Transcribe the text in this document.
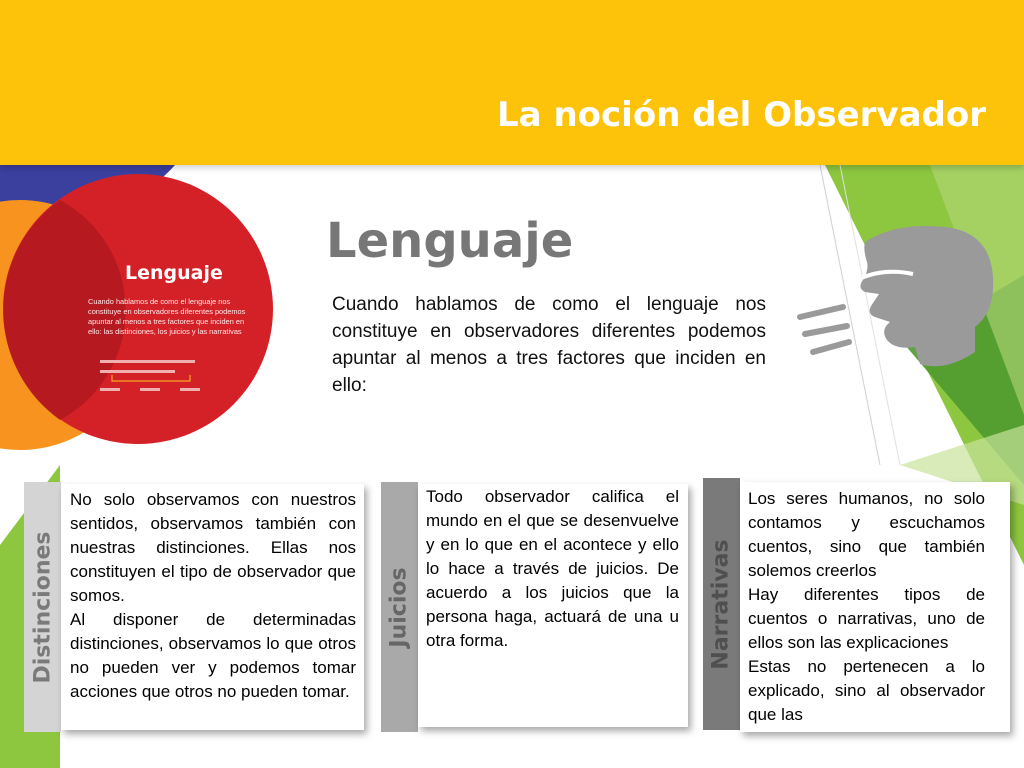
La noción del Observador
Lenguaje
Cuando hablamos de como el lenguaje nos constituye en observadores diferentes podemos apuntar al menos a tres factores que inciden en ello: las distinciones, los juicios y las narrativas
Lenguaje
Cuando hablamos de como el lenguaje nos constituye en observadores diferentes podemos apuntar al menos a tres factores que inciden en ello:
Distinciones

No solo observamos con nuestros sentidos, observamos también con nuestras distinciones. Ellas nos constituyen el tipo de observador que somos.

Al disponer de determinadas distinciones, observamos lo que otros no pueden ver y podemos tomar acciones que otros no pueden tomar.

Juicios

Todo observador califica el mundo en el que se desenvuelve y en lo que en el acontece y ello lo hace a través de juicios. De acuerdo a los juicios que la persona haga, actuará de una u otra forma.	Narrativas

Los seres humanos, no solo contamos y escuchamos cuentos, sino que también solemos creerlos

Hay diferentes tipos de cuentos o narrativas, uno de ellos son las explicaciones

Estas no pertenecen a lo explicado, sino al observador que las
